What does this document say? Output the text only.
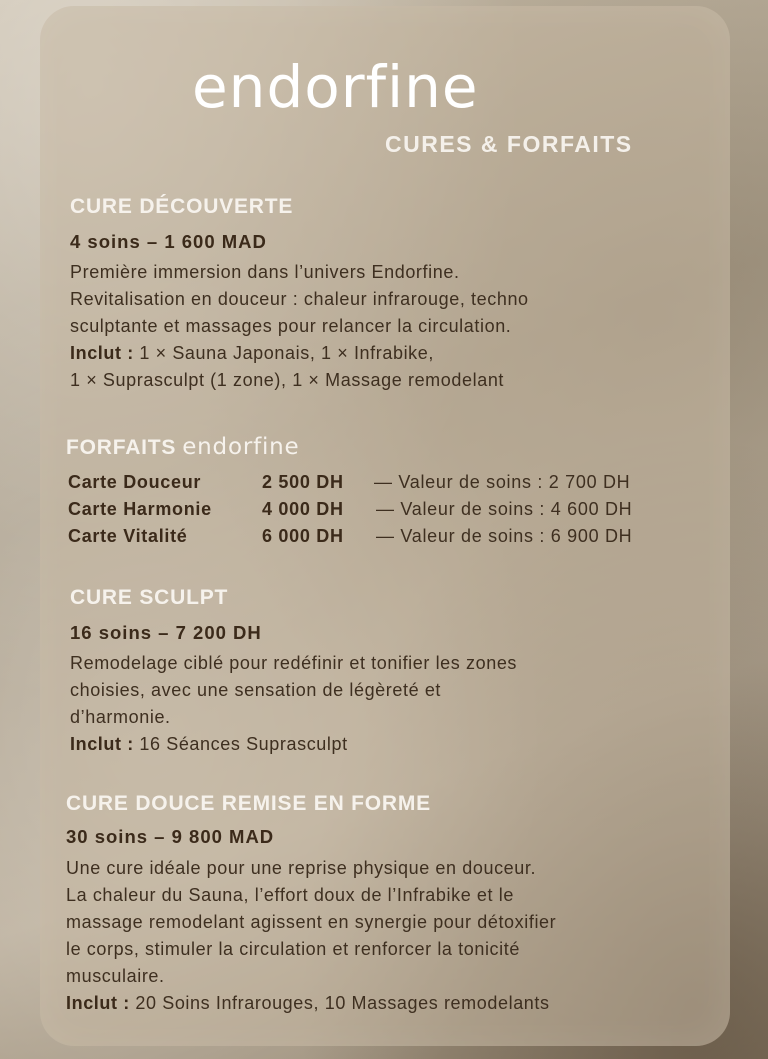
endorfine
CURES & FORFAITS
CURE DÉCOUVERTE
4 soins – 1 600 MAD
Première immersion dans l’univers Endorfine.
Revitalisation en douceur : chaleur infrarouge, techno
sculptante et massages pour relancer la circulation.
Inclut : 1 × Sauna Japonais, 1 × Infrabike,
1 × Suprasculpt (1 zone), 1 × Massage remodelant
FORFAITS endorfine
Carte Douceur	2 500 DH — Valeur de soins : 2 700 DH
Carte Harmonie	4 000 DH — Valeur de soins : 4 600 DH
Carte Vitalité	6 000 DH — Valeur de soins : 6 900 DH
CURE SCULPT
16 soins – 7 200 DH
Remodelage ciblé pour redéfinir et tonifier les zones
choisies, avec une sensation de légèreté et
d’harmonie.
Inclut : 16 Séances Suprasculpt
CURE DOUCE REMISE EN FORME
30 soins – 9 800 MAD
Une cure idéale pour une reprise physique en douceur.
La chaleur du Sauna, l’effort doux de l’Infrabike et le
massage remodelant agissent en synergie pour détoxifier
le corps, stimuler la circulation et renforcer la tonicité
musculaire.
Inclut : 20 Soins Infrarouges, 10 Massages remodelants
